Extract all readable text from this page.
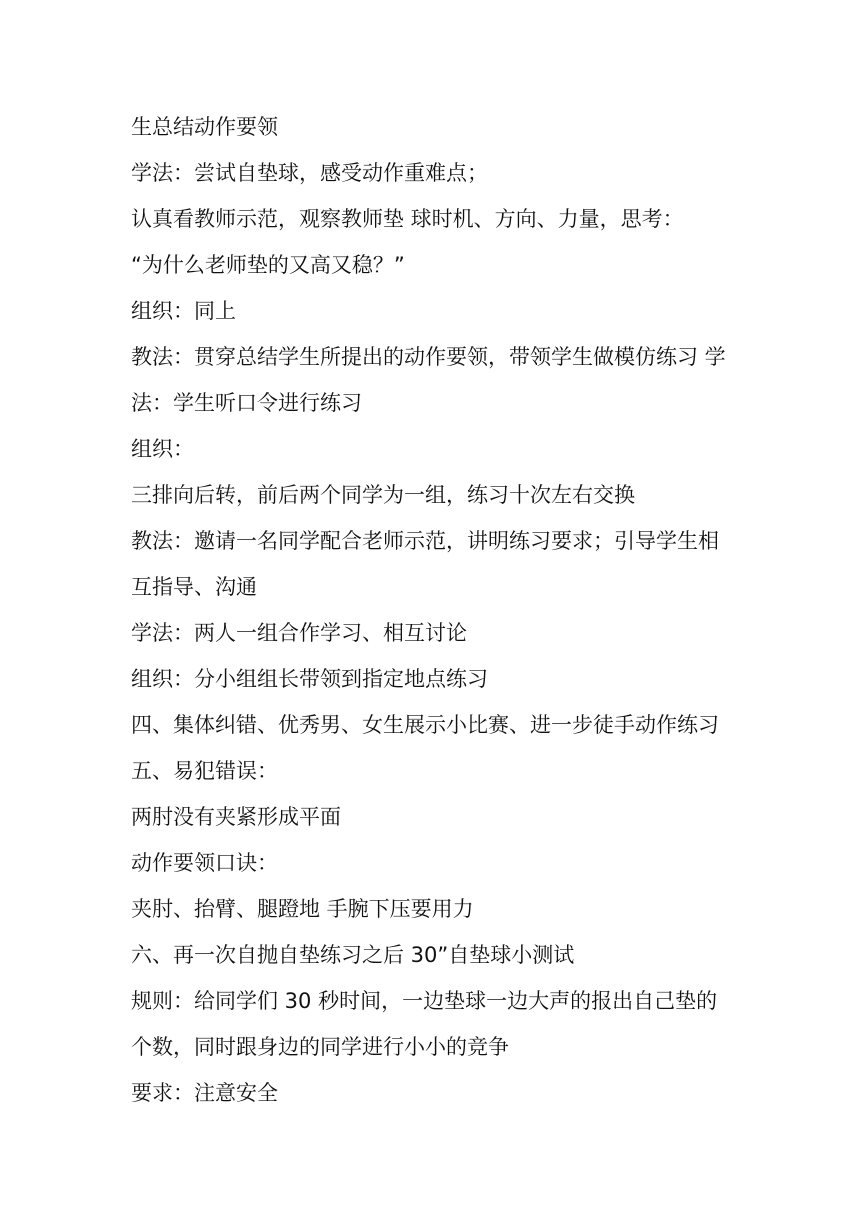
生总结动作要领
学法：尝试自垫球，感受动作重难点；
认真看教师示范，观察教师垫 球时机、方向、力量，思考：
“为什么老师垫的又高又稳？”
组织：同上
教法：贯穿总结学生所提出的动作要领，带领学生做模仿练习 学
法：学生听口令进行练习
组织：
三排向后转，前后两个同学为一组，练习十次左右交换
教法：邀请一名同学配合老师示范，讲明练习要求；引导学生相
互指导、沟通
学法：两人一组合作学习、相互讨论
组织：分小组组长带领到指定地点练习
四、集体纠错、优秀男、女生展示小比赛、进一步徒手动作练习
五、易犯错误：
两肘没有夹紧形成平面
动作要领口诀：
夹肘、抬臂、腿蹬地 手腕下压要用力
六、再一次自抛自垫练习之后 30”自垫球小测试
规则：给同学们 30 秒时间，一边垫球一边大声的报出自己垫的
个数，同时跟身边的同学进行小小的竞争
要求：注意安全
